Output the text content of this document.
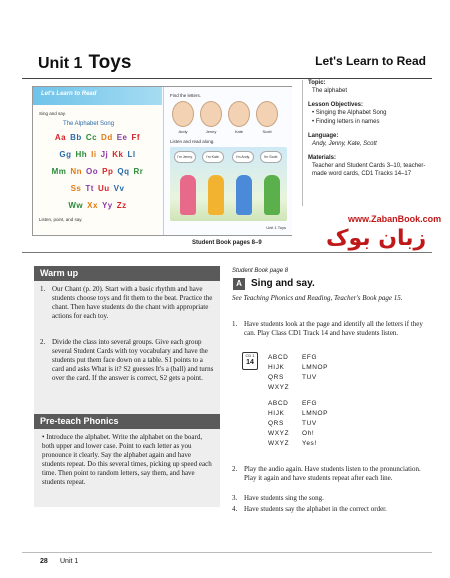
Unit 1 Toys	Let's Learn to Read
Let's Learn to Read
Sing and say.
The Alphabet Song
Aa Bb Cc Dd Ee Ff
Gg Hh Ii Jj Kk Ll
Mm Nn Oo Pp Qq Rr
Ss Tt Uu Vv
Ww Xx Yy Zz
Listen, point, and say.
Find the letters.
Andy	Jenny	Kate	Scott
Listen and read along.
I'm Jenny.	I'm Kate.	I'm Andy.	I'm Scott.
Unit 1 Toys
Student Book pages 8–9
Topic:
The alphabet
Lesson Objectives:
• Singing the Alphabet Song
• Finding letters in names
Language:
Andy, Jenny, Kate, Scott
Materials:
Teacher and Student Cards 3–10, teacher-made word cards, CD1 Tracks 14–17
www.ZabanBook.com
زبان بوک
Warm up
1. Our Chant (p. 20). Start with a basic rhythm and have students choose toys and fit them to the beat. Practice the chant. Then have students do the chant with appropriate actions for each toy.
2. Divide the class into several groups. Give each group several Student Cards with toy vocabulary and have the students put them face down on a table. S1 points to a card and asks What is it? S2 guesses It's a (ball) and turns over the card. If the answer is correct, S2 gets a point.
Pre-teach Phonics
• Introduce the alphabet. Write the alphabet on the board, both upper and lower case. Point to each letter as you pronounce it clearly. Say the alphabet again and have students repeat. Do this several times, picking up speed each time. Then point to random letters, say them, and have students repeat.
Student Book page 8
A Sing and say.
See Teaching Phonics and Reading, Teacher's Book page 15.
1. Have students look at the page and identify all the letters if they can. Play Class CD1 Track 14 and have students listen.
CD 1
14
ABCD EFG
HIJK	LMNOP
QRS	TUV
WXYZ
ABCD EFG
HIJK	LMNOP
QRS	TUV
WXYZ Oh!
WXYZ Yes!
2. Play the audio again. Have students listen to the pronunciation. Play it again and have students repeat after each line.
3. Have students sing the song.
4. Have students say the alphabet in the correct order.
28 Unit 1
